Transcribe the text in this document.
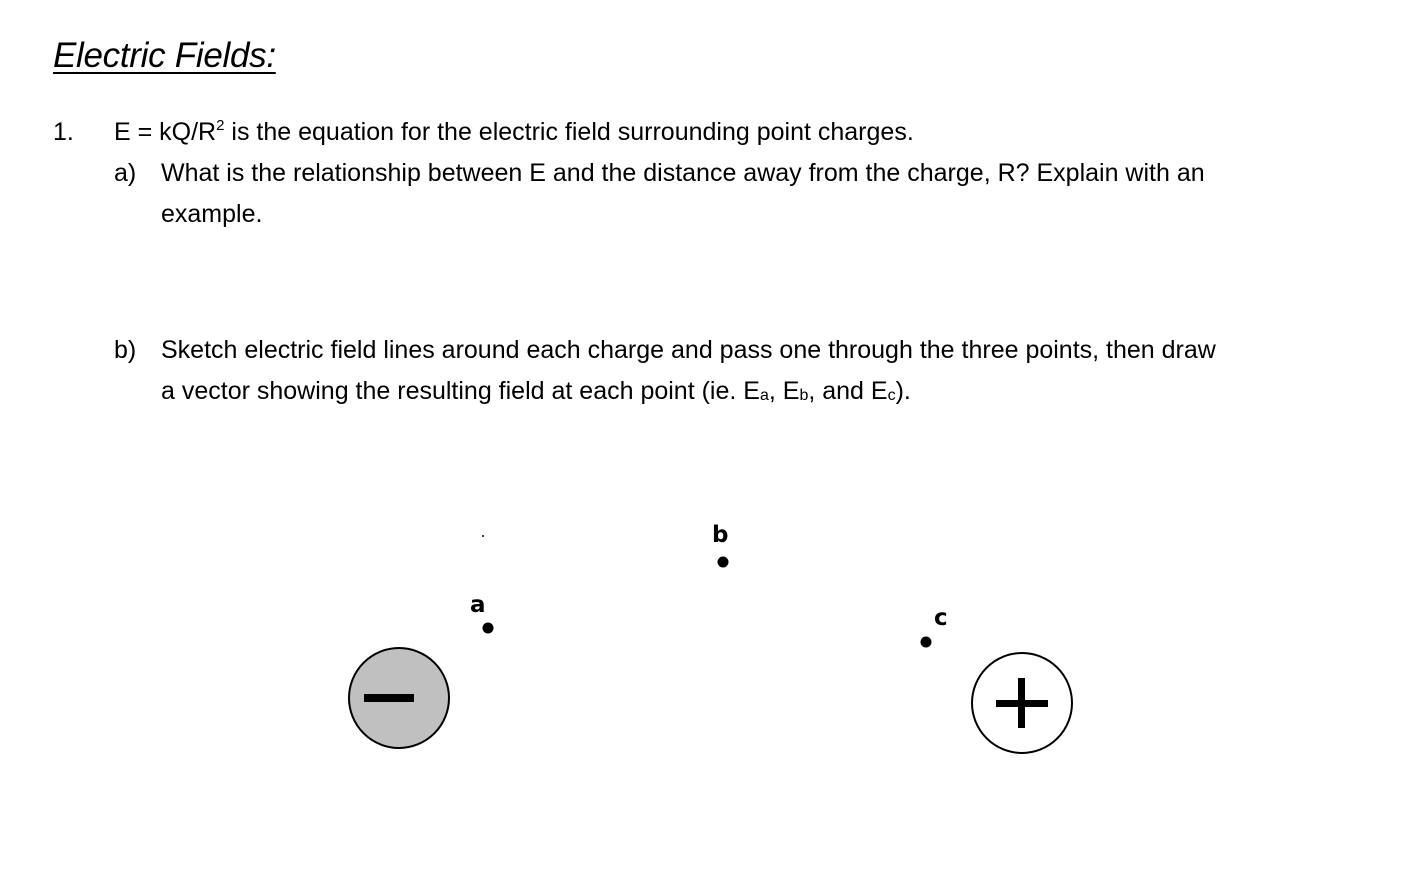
Electric Fields:
1. $E = kQ/R^2$ is the equation for the electric field surrounding point charges.
a) What is the relationship between E and the distance away from the charge, R? Explain with an
example.
b) Sketch electric field lines around each charge and pass one through the three points, then draw
a vector showing the resulting field at each point (ie. $E_a$, $E_b$, and $E_c$).
a
b
c
